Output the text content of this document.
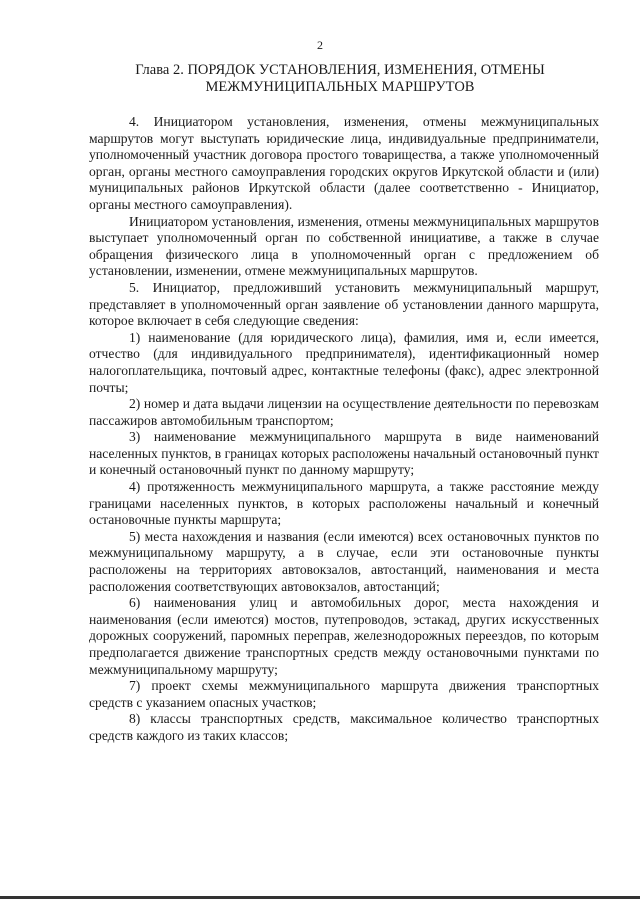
2
Глава 2. ПОРЯДОК УСТАНОВЛЕНИЯ, ИЗМЕНЕНИЯ, ОТМЕНЫ
МЕЖМУНИЦИПАЛЬНЫХ МАРШРУТОВ

4. Инициатором установления, изменения, отмены межмуниципальных маршрутов могут выступать юридические лица, индивидуальные предприниматели, уполномоченный участник договора простого товарищества, а также уполномоченный орган, органы местного самоуправления городских округов Иркутской области и (или) муниципальных районов Иркутской области (далее соответственно - Инициатор, органы местного самоуправления).

Инициатором установления, изменения, отмены межмуниципальных маршрутов выступает уполномоченный орган по собственной инициативе, а также в случае обращения физического лица в уполномоченный орган с предложением об установлении, изменении, отмене межмуниципальных маршрутов.

5. Инициатор, предложивший установить межмуниципальный маршрут, представляет в уполномоченный орган заявление об установлении данного маршрута, которое включает в себя следующие сведения:

1) наименование (для юридического лица), фамилия, имя и, если имеется, отчество (для индивидуального предпринимателя), идентификационный номер налогоплательщика, почтовый адрес, контактные телефоны (факс), адрес электронной почты;

2) номер и дата выдачи лицензии на осуществление деятельности по перевозкам пассажиров автомобильным транспортом;

3) наименование межмуниципального маршрута в виде наименований населенных пунктов, в границах которых расположены начальный остановочный пункт и конечный остановочный пункт по данному маршруту;

4) протяженность межмуниципального маршрута, а также расстояние между границами населенных пунктов, в которых расположены начальный и конечный остановочные пункты маршрута;

5) места нахождения и названия (если имеются) всех остановочных пунктов по межмуниципальному маршруту, а в случае, если эти остановочные пункты расположены на территориях автовокзалов, автостанций, наименования и места расположения соответствующих автовокзалов, автостанций;

6) наименования улиц и автомобильных дорог, места нахождения и наименования (если имеются) мостов, путепроводов, эстакад, других искусственных дорожных сооружений, паромных переправ, железнодорожных переездов, по которым предполагается движение транспортных средств между остановочными пунктами по межмуниципальному маршруту;

7) проект схемы межмуниципального маршрута движения транспортных средств с указанием опасных участков;

8) классы транспортных средств, максимальное количество транспортных средств каждого из таких классов;
